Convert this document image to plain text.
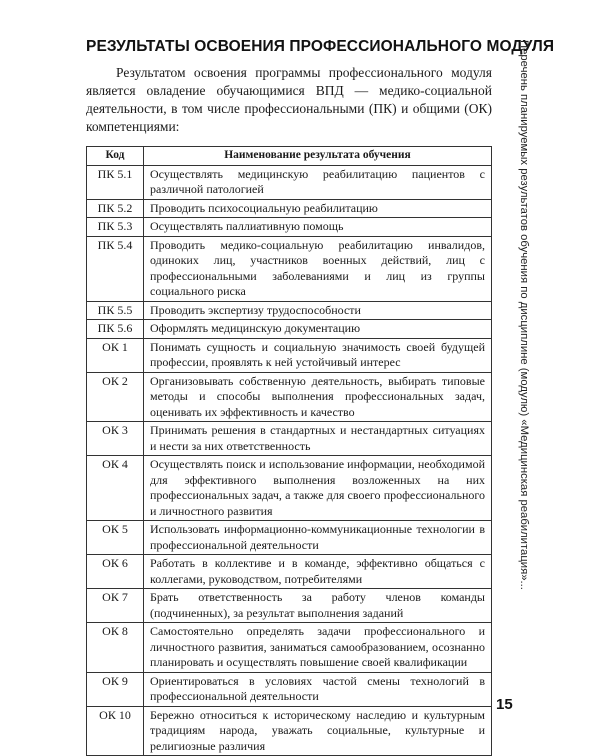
РЕЗУЛЬТАТЫ ОСВОЕНИЯ ПРОФЕССИОНАЛЬНОГО МОДУЛЯ

Результатом освоения программы профессионального модуля является овладение обучающимися ВПД — медико-социальной деятельности, в том числе профессиональными (ПК) и общими (ОК) компетенциями:

Код	Наименование результата обучения
ПК 5.1	Осуществлять медицинскую реабилитацию пациентов с различной патологией
ПК 5.2	Проводить психосоциальную реабилитацию
ПК 5.3	Осуществлять паллиативную помощь
ПК 5.4	Проводить медико-социальную реабилитацию инвалидов, одиноких лиц, участников военных действий, лиц с профессиональными заболеваниями и лиц из группы социального риска
ПК 5.5	Проводить экспертизу трудоспособности
ПК 5.6	Оформлять медицинскую документацию
ОК 1	Понимать сущность и социальную значимость своей будущей профессии, проявлять к ней устойчивый интерес
ОК 2	Организовывать собственную деятельность, выбирать типовые методы и способы выполнения профессиональных задач, оценивать их эффективность и качество
ОК 3	Принимать решения в стандартных и нестандартных ситуациях и нести за них ответственность
ОК 4	Осуществлять поиск и использование информации, необходимой для эффективного выполнения возложенных на них профессиональных задач, а также для своего профессионального и личностного развития
ОК 5	Использовать информационно-коммуникационные технологии в профессиональной деятельности
ОК 6	Работать в коллективе и в команде, эффективно общаться с коллегами, руководством, потребителями
ОК 7	Брать ответственность за работу членов команды (подчиненных), за результат выполнения заданий
ОК 8	Самостоятельно определять задачи профессионального и личностного развития, заниматься самообразованием, осознанно планировать и осуществлять повышение своей квалификации
ОК 9	Ориентироваться в условиях частой смены технологий в профессиональной деятельности
ОК 10	Бережно относиться к историческому наследию и культурным традициям народа, уважать социальные, культурные и религиозные различия
Перечень планируемых результатов обучения по дисциплине (модулю) «Медицинская реабилитация»...
15
